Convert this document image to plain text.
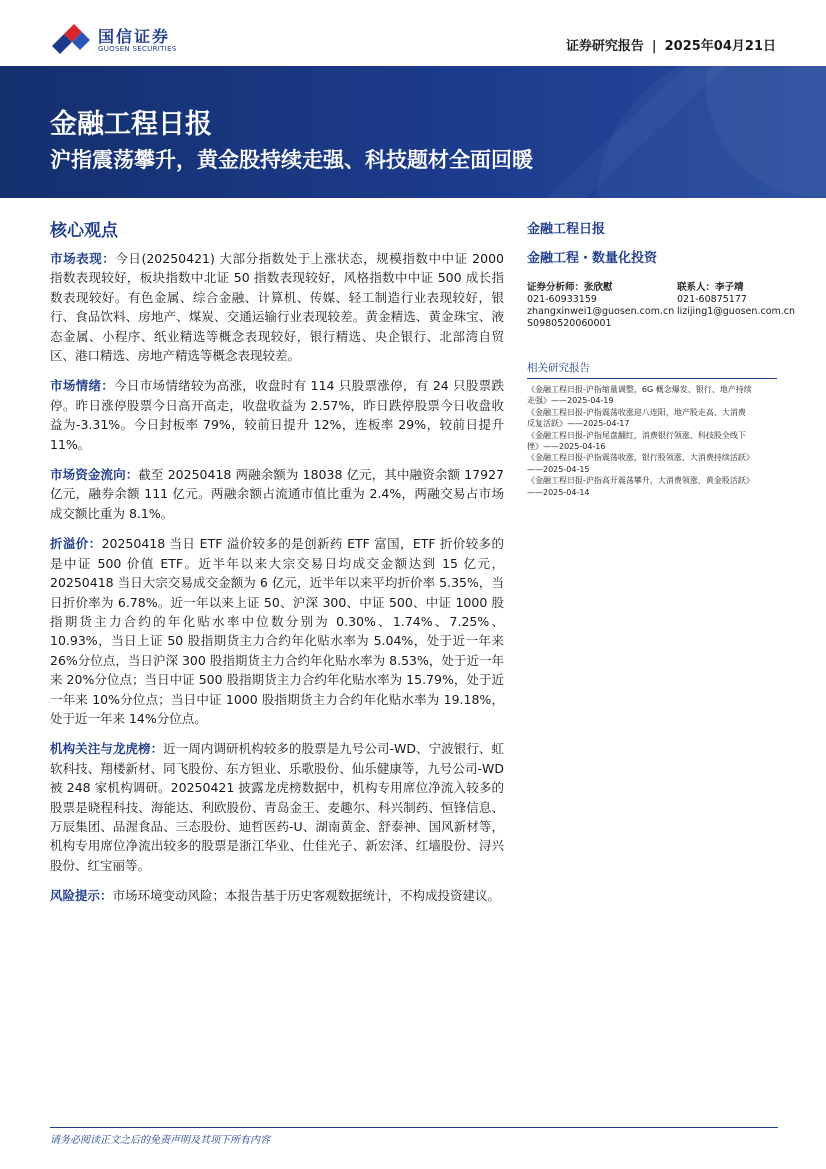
国信证券
GUOSEN SECURITIES	证券研究报告 | 2025年04月21日
金融工程日报
沪指震荡攀升，黄金股持续走强、科技题材全面回暖
核心观点

市场表现：今日(20250421) 大部分指数处于上涨状态，规模指数中中证 2000 指数表现较好，板块指数中北证 50 指数表现较好，风格指数中中证 500 成长指数表现较好。有色金属、综合金融、计算机、传媒、轻工制造行业表现较好，银行、食品饮料、房地产、煤炭、交通运输行业表现较差。黄金精选、黄金珠宝、液态金属、小程序、纸业精选等概念表现较好，银行精选、央企银行、北部湾自贸区、港口精选、房地产精选等概念表现较差。

市场情绪：今日市场情绪较为高涨，收盘时有 114 只股票涨停，有 24 只股票跌停。昨日涨停股票今日高开高走，收盘收益为 2.57%，昨日跌停股票今日收盘收益为-3.31%。今日封板率 79%，较前日提升 12%，连板率 29%，较前日提升 11%。

市场资金流向：截至 20250418 两融余额为 18038 亿元，其中融资余额 17927 亿元，融券余额 111 亿元。两融余额占流通市值比重为 2.4%，两融交易占市场成交额比重为 8.1%。

折溢价：20250418 当日 ETF 溢价较多的是创新药 ETF 富国，ETF 折价较多的是中证 500 价值 ETF。近半年以来大宗交易日均成交金额达到 15 亿元，20250418 当日大宗交易成交金额为 6 亿元，近半年以来平均折价率 5.35%，当日折价率为 6.78%。近一年以来上证 50、沪深 300、中证 500、中证 1000 股指期货主力合约的年化贴水率中位数分别为 0.30%、1.74%、7.25%、10.93%，当日上证 50 股指期货主力合约年化贴水率为 5.04%，处于近一年来 26%分位点，当日沪深 300 股指期货主力合约年化贴水率为 8.53%，处于近一年来 20%分位点；当日中证 500 股指期货主力合约年化贴水率为 15.79%，处于近一年来 10%分位点；当日中证 1000 股指期货主力合约年化贴水率为 19.18%，处于近一年来 14%分位点。

机构关注与龙虎榜：近一周内调研机构较多的股票是九号公司-WD、宁波银行、虹软科技、翔楼新材、同飞股份、东方钽业、乐歌股份、仙乐健康等，九号公司-WD 被 248 家机构调研。20250421 披露龙虎榜数据中，机构专用席位净流入较多的股票是晓程科技、海能达、利欧股份、青岛金王、麦趣尔、科兴制药、恒锋信息、万辰集团、品渥食品、三态股份、迪哲医药-U、湖南黄金、舒泰神、国风新材等，机构专用席位净流出较多的股票是浙江华业、仕佳光子、新宏泽、红墙股份、浔兴股份、红宝丽等。

风险提示：市场环境变动风险；本报告基于历史客观数据统计，不构成投资建议。

金融工程日报
金融工程・数量化投资
证券分析师：张欣慰
021-60933159
zhangxinwei1@guosen.com.cn
S0980520060001
联系人：李子靖
021-60875177
lizijing1@guosen.com.cn
相关研究报告
《金融工程日报-沪指缩量调整，6G 概念爆发、银行、地产持续
走强》——2025-04-19
《金融工程日报-沪指震荡收涨迎八连阳，地产股走高、大消费
反复活跃》——2025-04-17
《金融工程日报-沪指尾盘翻红，消费银行领涨、科技股全线下
挫》——2025-04-16
《金融工程日报-沪指震荡收涨，银行股领涨、大消费持续活跃》
——2025-04-15
《金融工程日报-沪指高开震荡攀升，大消费领涨、黄金股活跃》
——2025-04-14
请务必阅读正文之后的免责声明及其项下所有内容
